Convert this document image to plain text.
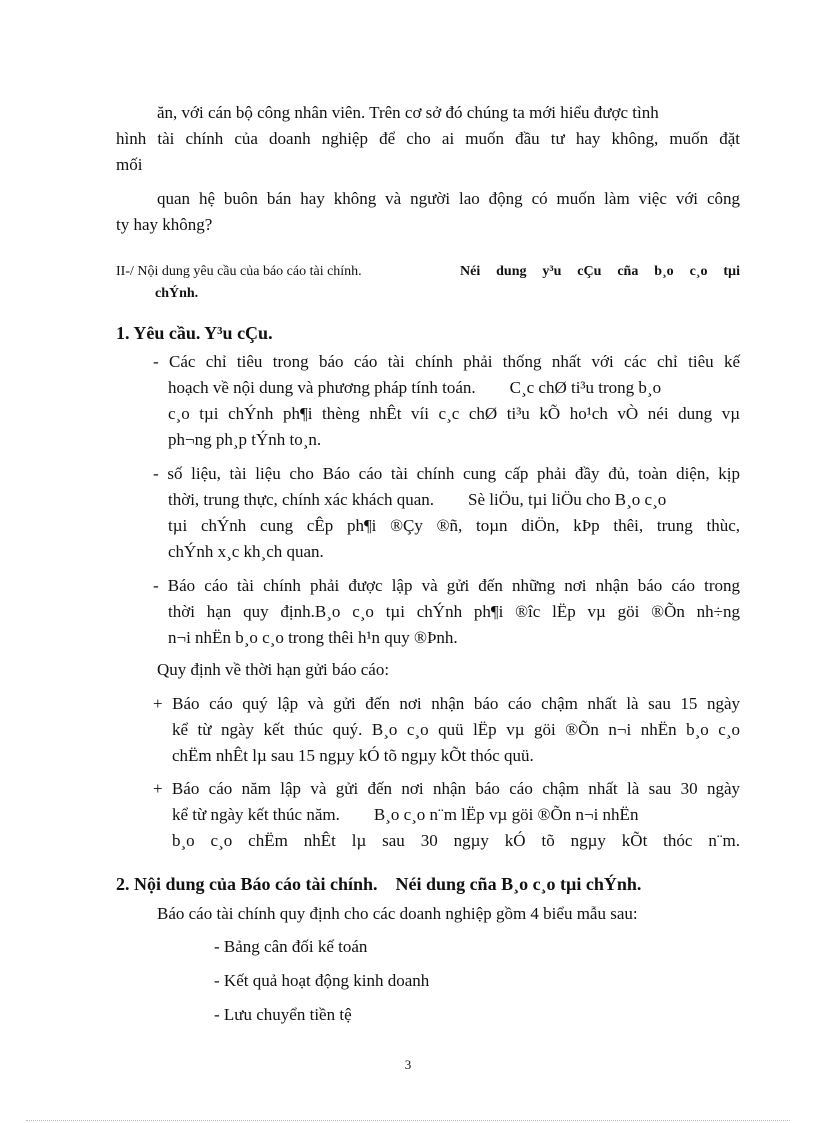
ăn, với cán bộ công nhân viên. Trên cơ sở đó chúng ta mới hiểu được tình
hình tài chính của doanh nghiệp để cho ai muốn đầu tư hay không, muốn đặt
mối
quan hệ buôn bán hay không và người lao động có muốn làm việc với công
ty hay không?
II-/ Nội dung yêu cầu của báo cáo tài chính.	Néi dung y³u cÇu cña b¸o c¸o tµi
chÝnh.
1. Yêu cầu. Y³u cÇu.
- Các chỉ tiêu trong báo cáo tài chính phải thống nhất với các chỉ tiêu kế
hoạch về nội dung và phương pháp tính toán.        C¸c chØ ti³u trong b¸o
c¸o tµi chÝnh ph¶i thèng nhÊt víi c¸c chØ ti³u kÕ ho¹ch vÒ néi dung vµ
ph¬ng ph¸p tÝnh to¸n.
- số liệu, tài liệu cho Báo cáo tài chính cung cấp phải đầy đủ, toàn diện, kịp
thời, trung thực, chính xác khách quan.        Sè liÖu, tµi liÖu cho B¸o c¸o
tµi chÝnh cung cÊp ph¶i ®Çy ®ñ, toµn diÖn, kÞp thêi, trung thùc,
chÝnh x¸c kh¸ch quan.
- Báo cáo tài chính phải được lập và gửi đến những nơi nhận báo cáo trong
thời hạn quy định.B¸o c¸o tµi chÝnh ph¶i ®îc lËp vµ göi ®Õn nh÷ng
n¬i nhËn b¸o c¸o trong thêi h¹n quy ®Þnh.
Quy định về thời hạn gửi báo cáo:
+ Báo cáo quý lập và gửi đến nơi nhận báo cáo chậm nhất là sau 15 ngày
kể từ ngày kết thúc quý. B¸o c¸o quü lËp vµ göi ®Õn n¬i nhËn b¸o c¸o
chËm nhÊt lµ sau 15 ngµy kÓ tõ ngµy kÕt thóc quü.
+ Báo cáo năm lập và gửi đến nơi nhận báo cáo chậm nhất là sau 30 ngày
kể từ ngày kết thúc năm.        B¸o c¸o n¨m lËp vµ göi ®Õn n¬i nhËn
b¸o c¸o chËm nhÊt lµ sau 30 ngµy kÓ tõ ngµy kÕt thóc n¨m.
2. Nội dung của Báo cáo tài chính.    Néi dung cña B¸o c¸o tµi chÝnh.
Báo cáo tài chính quy định cho các doanh nghiệp gồm 4 biểu mẫu sau:
- Bảng cân đối kế toán
- Kết quả hoạt động kinh doanh
- Lưu chuyển tiền tệ
3
